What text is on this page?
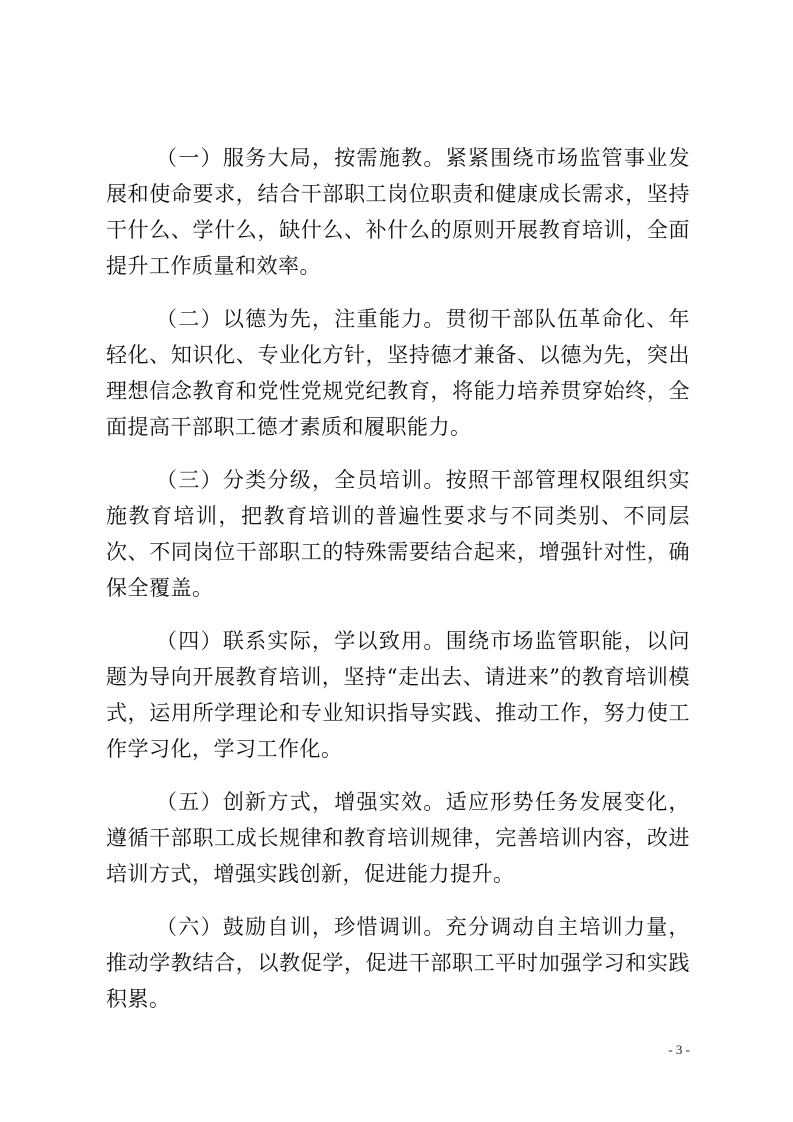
（一）服务大局，按需施教。紧紧围绕市场监管事业发展和使命要求，结合干部职工岗位职责和健康成长需求，坚持干什么、学什么，缺什么、补什么的原则开展教育培训，全面提升工作质量和效率。

（二）以德为先，注重能力。贯彻干部队伍革命化、年轻化、知识化、专业化方针，坚持德才兼备、以德为先，突出理想信念教育和党性党规党纪教育，将能力培养贯穿始终，全面提高干部职工德才素质和履职能力。

（三）分类分级，全员培训。按照干部管理权限组织实施教育培训，把教育培训的普遍性要求与不同类别、不同层次、不同岗位干部职工的特殊需要结合起来，增强针对性，确保全覆盖。

（四）联系实际，学以致用。围绕市场监管职能，以问题为导向开展教育培训，坚持“走出去、请进来”的教育培训模式，运用所学理论和专业知识指导实践、推动工作，努力使工作学习化，学习工作化。

（五）创新方式，增强实效。适应形势任务发展变化，遵循干部职工成长规律和教育培训规律，完善培训内容，改进培训方式，增强实践创新，促进能力提升。

（六）鼓励自训，珍惜调训。充分调动自主培训力量，推动学教结合，以教促学，促进干部职工平时加强学习和实践积累。

- 3 -
